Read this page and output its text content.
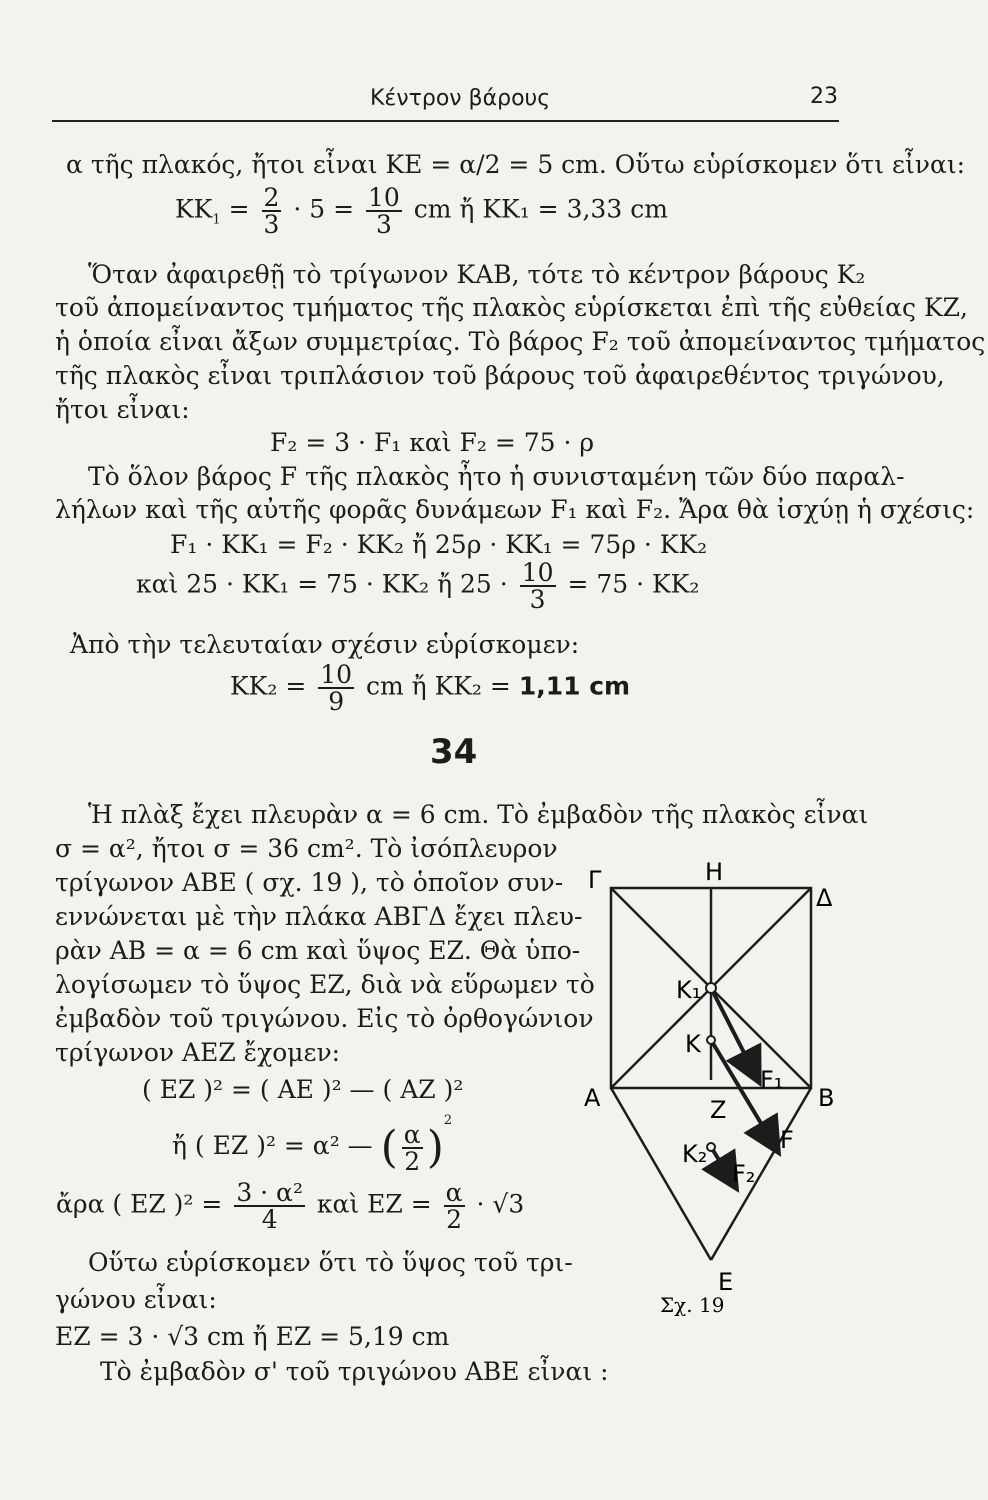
Κέντρον βάρους	23
α τῆς πλακός, ἤτοι εἶναι ΚΕ = α/2 = 5 cm. Οὕτω εὑρίσκομεν ὅτι εἶναι:
$KK_1 = \frac{2}{3} \cdot 5 = \frac{10}{3}$ cm ἤ ΚΚ₁ = 3,33 cm
Ὅταν ἀφαιρεθῇ τὸ τρίγωνον ΚΑΒ, τότε τὸ κέντρον βάρους Κ₂
τοῦ ἀπομείναντος τμήματος τῆς πλακὸς εὑρίσκεται ἐπὶ τῆς εὐθείας ΚΖ,
ἡ ὁποία εἶναι ἄξων συμμετρίας. Τὸ βάρος F₂ τοῦ ἀπομείναντος τμήματος
τῆς πλακὸς εἶναι τριπλάσιον τοῦ βάρους τοῦ ἀφαιρεθέντος τριγώνου,
ἤτοι εἶναι:
F₂ = 3 · F₁ καὶ F₂ = 75 · ρ
Τὸ ὅλον βάρος F τῆς πλακὸς ἦτο ἡ συνισταμένη τῶν δύο παραλ-
λήλων καὶ τῆς αὐτῆς φορᾶς δυνάμεων F₁ καὶ F₂. Ἄρα θὰ ἰσχύῃ ἡ σχέσις:
F₁ · ΚΚ₁ = F₂ · ΚΚ₂ ἤ 25ρ · ΚΚ₁ = 75ρ · ΚΚ₂
καὶ 25 · ΚΚ₁ = 75 · ΚΚ₂ ἤ $25 \cdot \frac{10}{3} = 75 \cdot KK_2$
Ἀπὸ τὴν τελευταίαν σχέσιν εὑρίσκομεν:
$KK_2 = \frac{10}{9}$ cm ἤ ΚΚ₂ = 1,11 cm
34
Ἡ πλὰξ ἔχει πλευρὰν α = 6 cm. Τὸ ἐμβαδὸν τῆς πλακὸς εἶναι
σ = α², ἤτοι σ = 36 cm². Τὸ ἰσόπλευρον
τρίγωνον ΑΒΕ ( σχ. 19 ), τὸ ὁποῖον συν-
εννώνεται μὲ τὴν πλάκα ΑΒΓΔ ἔχει πλευ-
ρὰν ΑΒ = α = 6 cm καὶ ὕψος ΕΖ. Θὰ ὑπο-
λογίσωμεν τὸ ὕψος ΕΖ, διὰ νὰ εὕρωμεν τὸ
ἐμβαδὸν τοῦ τριγώνου. Εἰς τὸ ὀρθογώνιον
τρίγωνον ΑΕΖ ἔχομεν:
( ΕΖ )² = ( ΑΕ )² — ( ΑΖ )²
ἤ ( ΕΖ )² = α² — ( $\frac{\alpha}{2} )^2$
ἄρα ( ΕΖ )$^2 = \frac{\text{3 · α²}}{4}$ καὶ $EZ = \frac{\alpha}{2} \cdot √3$
Οὕτω εὑρίσκομεν ὅτι τὸ ὕψος τοῦ τρι-
γώνου εἶναι:
ΕΖ = 3 · √3 cm ἤ ΕΖ = 5,19 cm
Τὸ ἐμβαδὸν σ' τοῦ τριγώνου ΑΒΕ εἶναι :
Γ	Η
Δ
Κ₁
Κ
F₁
Α	Β
Ζ
F
Κ₂
F₂
Ε
Σχ. 19
